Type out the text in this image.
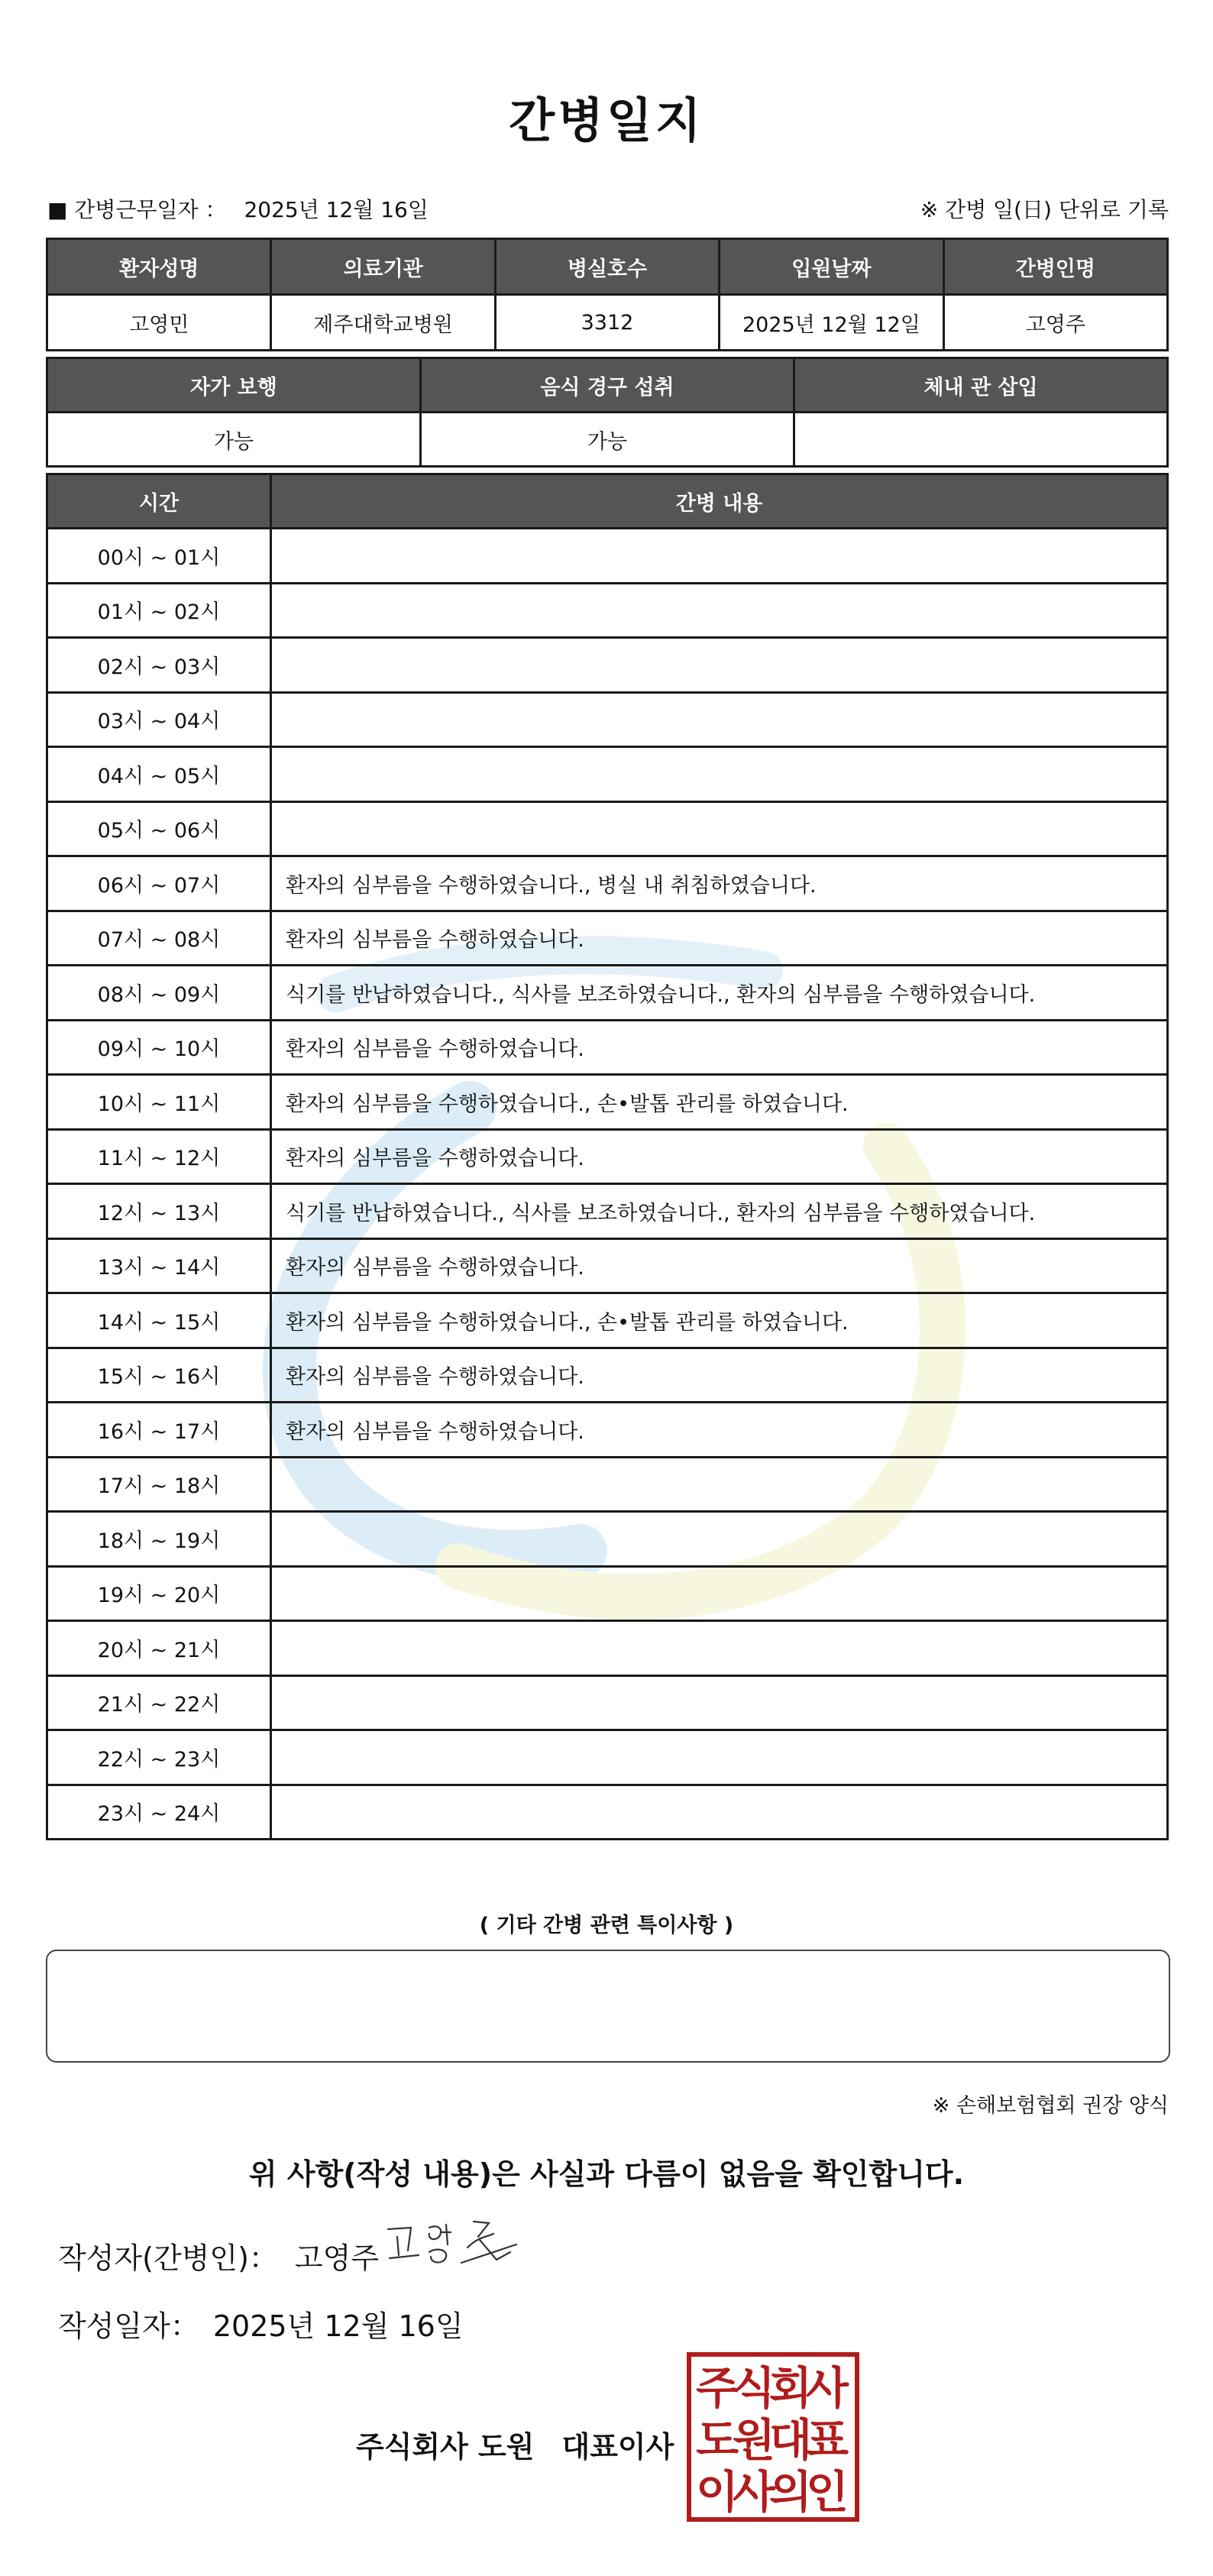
간병일지
■ 간병근무일자 ： 2025년 12월 16일	※ 간병 일(日) 단위로 기록
환자성명	의료기관	병실호수	입원날짜	간병인명
고영민	제주대학교병원	3312	2025년 12월 12일	고영주
자가 보행	음식 경구 섭취	체내 관 삽입
가능	가능	
시간	간병 내용
00시 ~ 01시	
01시 ~ 02시	
02시 ~ 03시	
03시 ~ 04시	
04시 ~ 05시	
05시 ~ 06시	
06시 ~ 07시	환자의 심부름을 수행하였습니다., 병실 내 취침하였습니다.
07시 ~ 08시	환자의 심부름을 수행하였습니다.
08시 ~ 09시	식기를 반납하였습니다., 식사를 보조하였습니다., 환자의 심부름을 수행하였습니다.
09시 ~ 10시	환자의 심부름을 수행하였습니다.
10시 ~ 11시	환자의 심부름을 수행하였습니다., 손•발톱 관리를 하였습니다.
11시 ~ 12시	환자의 심부름을 수행하였습니다.
12시 ~ 13시	식기를 반납하였습니다., 식사를 보조하였습니다., 환자의 심부름을 수행하였습니다.
13시 ~ 14시	환자의 심부름을 수행하였습니다.
14시 ~ 15시	환자의 심부름을 수행하였습니다., 손•발톱 관리를 하였습니다.
15시 ~ 16시	환자의 심부름을 수행하였습니다.
16시 ~ 17시	환자의 심부름을 수행하였습니다.
17시 ~ 18시	
18시 ~ 19시	
19시 ~ 20시	
20시 ~ 21시	
21시 ~ 22시	
22시 ~ 23시	
23시 ~ 24시	
( 기타 간병 관련 특이사항 )
※ 손해보험협회 권장 양식
위 사항(작성 내용)은 사실과 다름이 없음을 확인합니다.
작성자(간병인)： 고영주
작성일자： 2025년 12월 16일
주식회사 도원 대표이사
주
식
회
사
도
원
대
표
이
사
의
인
